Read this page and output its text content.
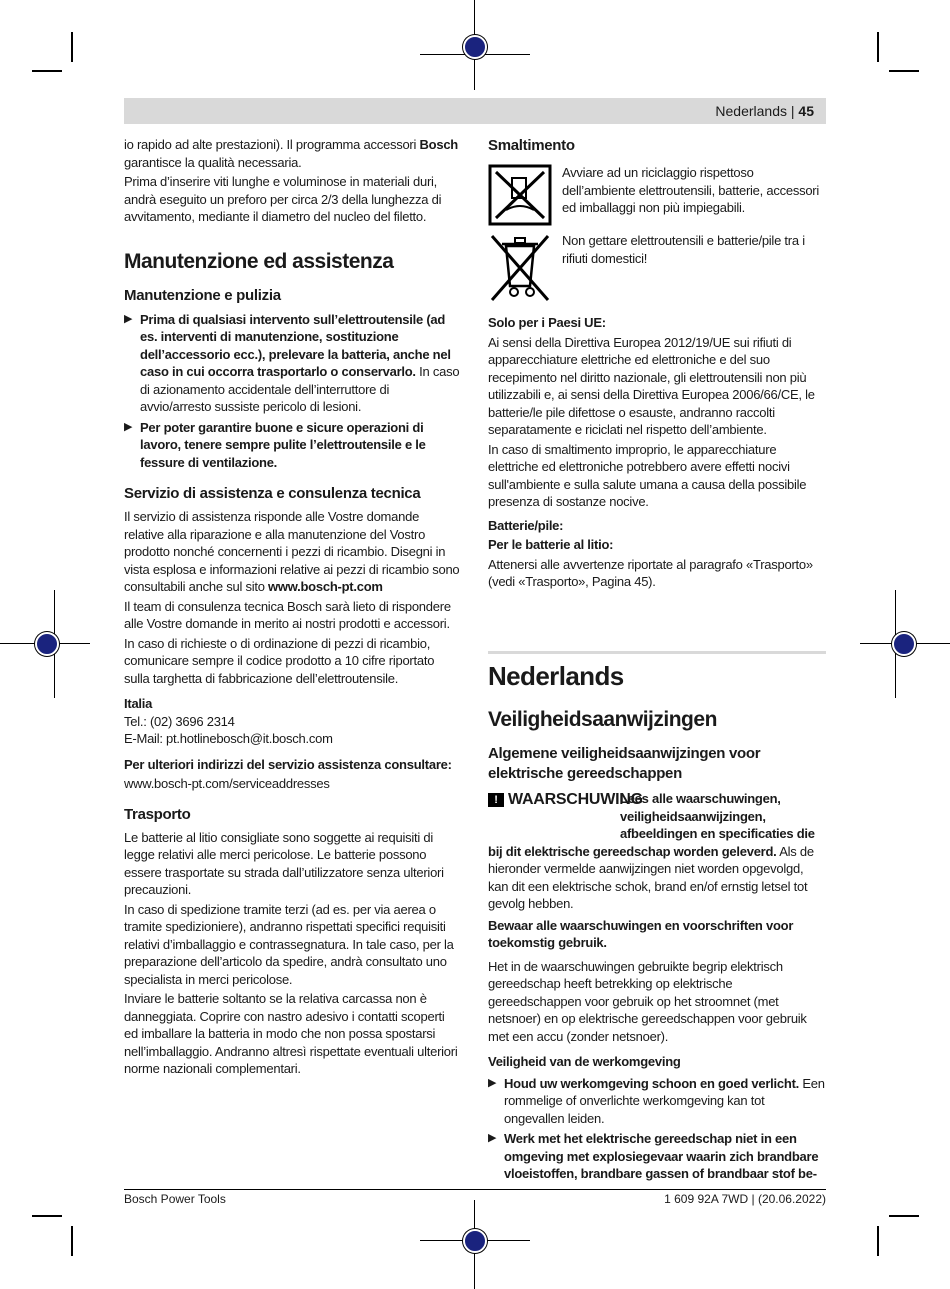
Nederlands | 45

io rapido ad alte prestazioni). Il programma accessori Bosch garantisce la qualità necessaria.

Prima d’inserire viti lunghe e voluminose in materiali duri, andrà eseguito un preforo per circa 2/3 della lunghezza di avvitamento, mediante il diametro del nucleo del filetto.

Manutenzione ed assistenza
Manutenzione e pulizia
▶ Prima di qualsiasi intervento sull’elettroutensile (ad es. interventi di manutenzione, sostituzione dell’accessorio ecc.), prelevare la batteria, anche nel caso in cui occorra trasportarlo o conservarlo. In caso di azionamento accidentale dell’interruttore di avvio/arresto sussiste pericolo di lesioni.
▶ Per poter garantire buone e sicure operazioni di lavoro, tenere sempre pulite l’elettroutensile e le fessure di ventilazione.
Servizio di assistenza e consulenza tecnica

Il servizio di assistenza risponde alle Vostre domande relative alla riparazione e alla manutenzione del Vostro prodotto nonché concernenti i pezzi di ricambio. Disegni in vista esplosa e informazioni relative ai pezzi di ricambio sono consultabili anche sul sito www.bosch-pt.com

Il team di consulenza tecnica Bosch sarà lieto di rispondere alle Vostre domande in merito ai nostri prodotti e accessori.

In caso di richieste o di ordinazione di pezzi di ricambio, comunicare sempre il codice prodotto a 10 cifre riportato sulla targhetta di fabbricazione dell’elettroutensile.

Italia

Tel.: (02) 3696 2314

E-Mail: pt.hotlinebosch@it.bosch.com

Per ulteriori indirizzi del servizio assistenza consultare:

www.bosch-pt.com/serviceaddresses

Trasporto

Le batterie al litio consigliate sono soggette ai requisiti di legge relativi alle merci pericolose. Le batterie possono essere trasportate su strada dall’utilizzatore senza ulteriori precauzioni.

In caso di spedizione tramite terzi (ad es. per via aerea o tramite spedizioniere), andranno rispettati specifici requisiti relativi d’imballaggio e contrassegnatura. In tale caso, per la preparazione dell’articolo da spedire, andrà consultato uno specialista in merci pericolose.

Inviare le batterie soltanto se la relativa carcassa non è danneggiata. Coprire con nastro adesivo i contatti scoperti ed imballare la batteria in modo che non possa spostarsi nell’imballaggio. Andranno altresì rispettate eventuali ulteriori norme nazionali complementari.

Smaltimento
Avviare ad un riciclaggio rispettoso dell’ambiente elettroutensili, batterie, accessori ed imballaggi non più impiegabili.
Non gettare elettroutensili e batterie/pile tra i rifiuti domestici!

Solo per i Paesi UE:

Ai sensi della Direttiva Europea 2012/19/UE sui rifiuti di apparecchiature elettriche ed elettroniche e del suo recepimento nel diritto nazionale, gli elettroutensili non più utilizzabili e, ai sensi della Direttiva Europea 2006/66/CE, le batterie/le pile difettose o esauste, andranno raccolti separatamente e riciclati nel rispetto dell’ambiente.

In caso di smaltimento improprio, le apparecchiature elettriche ed elettroniche potrebbero avere effetti nocivi sull'ambiente e sulla salute umana a causa della possibile presenza di sostanze nocive.

Batterie/pile:

Per le batterie al litio:

Attenersi alle avvertenze riportate al paragrafo «Trasporto» (vedi «Trasporto», Pagina 45).

Nederlands
Veiligheidsaanwijzingen
Algemene veiligheidsaanwijzingen voor elektrische gereedschappen
! WAARSCHUWING
Lees alle waarschuwingen, veiligheidsaanwijzingen, afbeeldingen en specificaties die bij dit elektrische gereedschap worden geleverd. Als de hieronder vermelde aanwijzingen niet worden opgevolgd, kan dit een elektrische schok, brand en/of ernstig letsel tot gevolg hebben.

Bewaar alle waarschuwingen en voorschriften voor toekomstig gebruik.

Het in de waarschuwingen gebruikte begrip elektrisch gereedschap heeft betrekking op elektrische gereedschappen voor gebruik op het stroomnet (met netsnoer) en op elektrische gereedschappen voor gebruik met een accu (zonder netsnoer).

Veiligheid van de werkomgeving

▶ Houd uw werkomgeving schoon en goed verlicht. Een rommelige of onverlichte werkomgeving kan tot ongevallen leiden.
▶ Werk met het elektrische gereedschap niet in een omgeving met explosiegevaar waarin zich brandbare vloeistoffen, brandbare gassen of brandbaar stof be-
Bosch Power Tools	1 609 92A 7WD | (20.06.2022)
